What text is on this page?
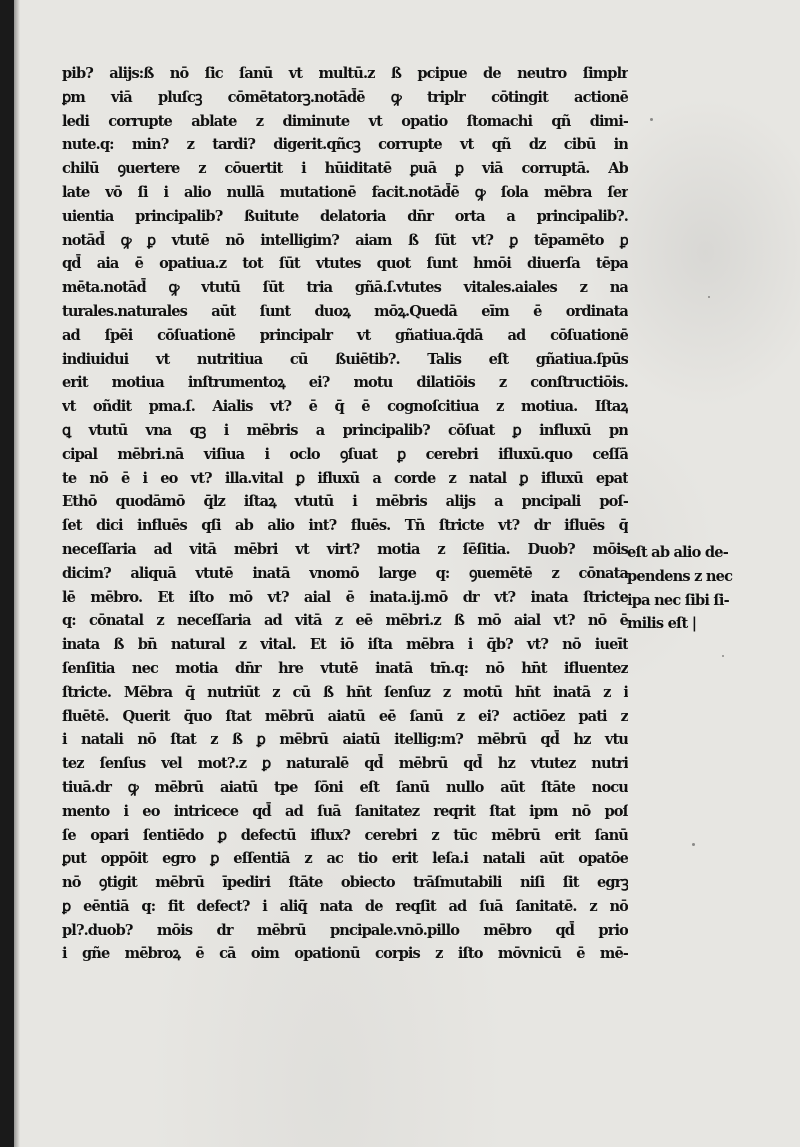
pib? alijs:ß nō ſic ſanū vt multū.z ß pcipue de neutro ſimplr
ꝑm viā pluſcꝫ cōmētatorꝫ.notād̄ē ꝙ triplr cōtingit actionē
ledi corrupte ablate z diminute vt opatio ſtomachi qñ dimi-
nute.q: min? z tardi? digerit.qñcꝫ corrupte vt qñ dz cibū in
chilū ꝯuertere z cōuertit i hūiditatē ꝑuā ꝑ viā corruptā. Ab
late vō ſi i alio nullā mutationē facit.notād̄ē ꝙ ſola mēbra ſer
uientia principalib? ßuitute delatoria dn̄r orta a principalib?.
notād̄ ꝙ ꝑ vtutē nō intelligim? aiam ß ſūt vt? ꝑ tēpamēto ꝑ
qd̄ aia ē opatiua.z tot ſūt vtutes quot ſunt hmōi diuerſa tēpa
mēta.notād̄ ꝙ vtutū ſūt tria gñā.ſ.vtutes vitales.aiales z na
turales.naturales aūt ſunt duoꝝ mōꝝ.Quedā eīm ē ordinata
ad ſpēi cōſuationē principalr vt gñatiua.q̄dā ad cōſuationē
indiuidui vt nutritiua cū ßuiētib?. Talis eſt gñatiua.ſpūs
erit motiua inſtrumentoꝝ ei? motu dilatiōis z conſtructiōis.
vt oñdit pma.ſ. Aialis vt? ē q̄ ē cognoſcitiua z motiua. Iſtaꝝ
ꝗ vtutū vna qꝫ i mēbris a principalib? cōſuat ꝑ influxū pn
cipal mēbri.nā viſiua i oclo ꝯſuat ꝑ cerebri ifluxū.quo ceſſā
te nō ē i eo vt? illa.vital ꝑ ifluxū a corde z natal ꝑ ifluxū epat
Ethō quodāmō q̄lz iſtaꝝ vtutū i mēbris alijs a pncipali poſ-
ſet dici influēs qſi ab alio int? fluēs. Tn̄ ſtricte vt? dr ifluēs q̄
neceſſaria ad vitā mēbri vt virt? motia z ſēſitia. Duob? mōis
dicim? aliquā vtutē inatā vnomō large q: ꝯuemētē z cōnata
lē mēbro. Et iſto mō vt? aial ē inata.ij.mō dr vt? inata ſtricte
q: cōnatal z neceſſaria ad vitā z eē mēbri.z ß mō aial vt? nō ē
inata ß bn̄ natural z vital. Et iō iſta mēbra i q̄b? vt? nō iueīt
ſenſitia nec motia dn̄r hre vtutē inatā tm̄.q: nō hn̄t ifluentez
ſtricte. Mēbra q̄ nutriūt z cū ß hn̄t ſenſuz z motū hn̄t inatā z i
fluētē. Querit q̄uo ſtat mēbrū aiatū eē ſanū z ei? actiōez pati z
i natali nō ſtat z ß ꝑ mēbrū aiatū itellig:m? mēbrū qd̄ hz vtu
tez ſenſus vel mot?.z ꝑ naturalē qd̄ mēbrū qd̄ hz vtutez nutri
tiuā.dr ꝙ mēbrū aiatū tpe ſōni eſt ſanū nullo aūt ſtāte nocu
mento i eo intricece qd̄ ad ſuā ſanitatez reqrit ſtat ipm nō poſ
ſe opari ſentiēdo ꝑ defectū iflux? cerebri z tūc mēbrū erit ſanū
ꝑut oppōit egro ꝑ eſſentiā z ac tio erit leſa.i natali aūt opatōe
nō ꝯtigit mēbrū īpediri ſtāte obiecto trāſmutabili niſi ſit egrꝫ
ꝑ eēntiā q: fit defect? i aliq̄ nata de reqſit ad ſuā ſanitatē. z nō
pl?.duob? mōis dr mēbrū pncipale.vnō.pillo mēbro qd̄ prio
i gñe mēbroꝝ ē cā oim opationū corpis z iſto mōvnicū ē mē-
eſt ab alio de-
pendens z nec
ipa nec ſibi ſi-
milis eſt |
